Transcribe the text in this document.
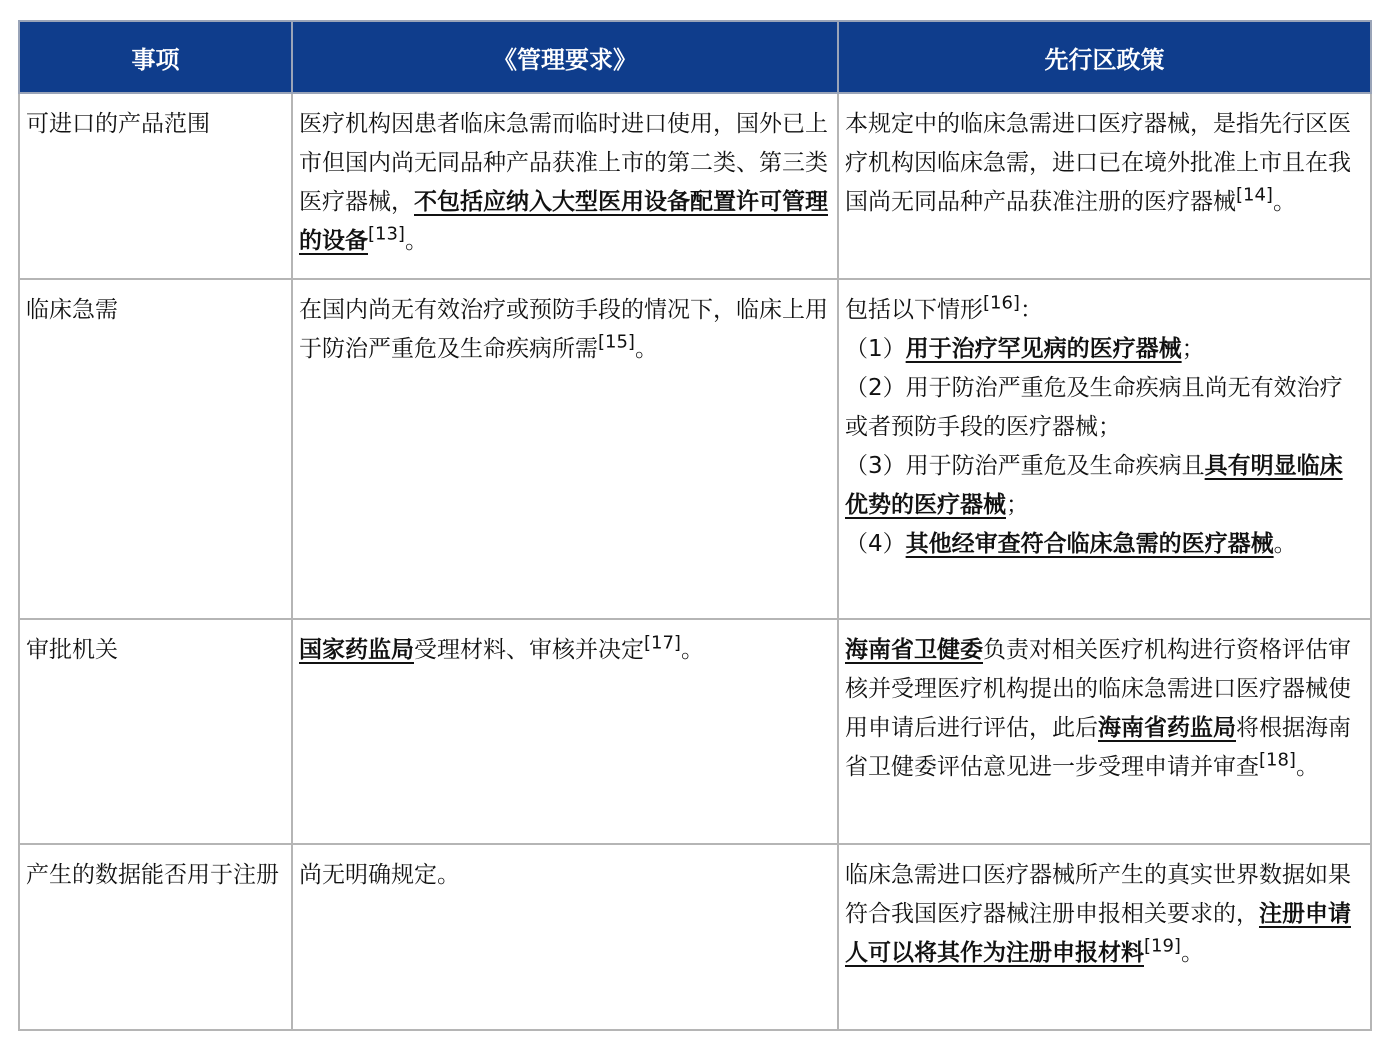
事项	《管理要求》	先行区政策
可进口的产品范围	医疗机构因患者临床急需而临时进口使用，国外已上市但国内尚无同品种产品获准上市的第二类、第三类医疗器械，不包括应纳入大型医用设备配置许可管理的设备[13]。	本规定中的临床急需进口医疗器械，是指先行区医疗机构因临床急需，进口已在境外批准上市且在我国尚无同品种产品获准注册的医疗器械[14]。
临床急需	在国内尚无有效治疗或预防手段的情况下，临床上用于防治严重危及生命疾病所需[15]。	包括以下情形[16]：
（1）用于治疗罕见病的医疗器械；
（2）用于防治严重危及生命疾病且尚无有效治疗或者预防手段的医疗器械；
（3）用于防治严重危及生命疾病且具有明显临床优势的医疗器械；
（4）其他经审查符合临床急需的医疗器械。

审批机关	国家药监局受理材料、审核并决定[17]。	海南省卫健委负责对相关医疗机构进行资格评估审核并受理医疗机构提出的临床急需进口医疗器械使用申请后进行评估，此后海南省药监局将根据海南省卫健委评估意见进一步受理申请并审查[18]。
产生的数据能否用于注册	尚无明确规定。	临床急需进口医疗器械所产生的真实世界数据如果符合我国医疗器械注册申报相关要求的，注册申请人可以将其作为注册申报材料[19]。
